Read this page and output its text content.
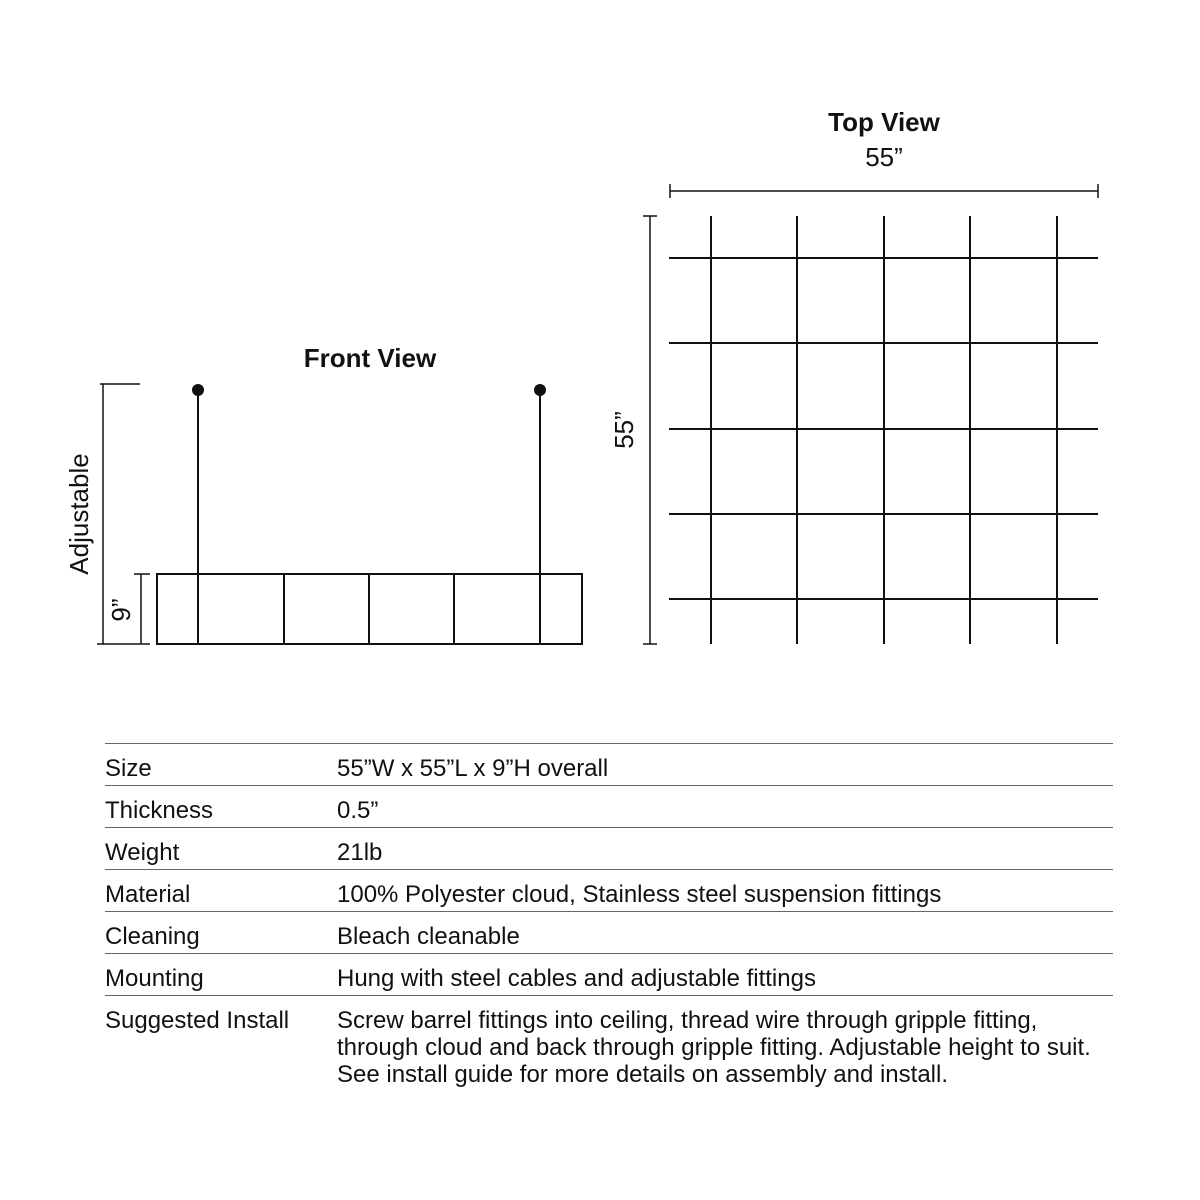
Front View
Adjustable
9”
Top View
55”
55”
Size	55”W x 55”L x 9”H overall
Thickness	0.5”
Weight	21lb
Material	100% Polyester cloud, Stainless steel suspension fittings
Cleaning	Bleach cleanable
Mounting	Hung with steel cables and adjustable fittings
Suggested Install	Screw barrel fittings into ceiling, thread wire through gripple fitting, through cloud and back through gripple fitting. Adjustable height to suit. See install guide for more details on assembly and install.
